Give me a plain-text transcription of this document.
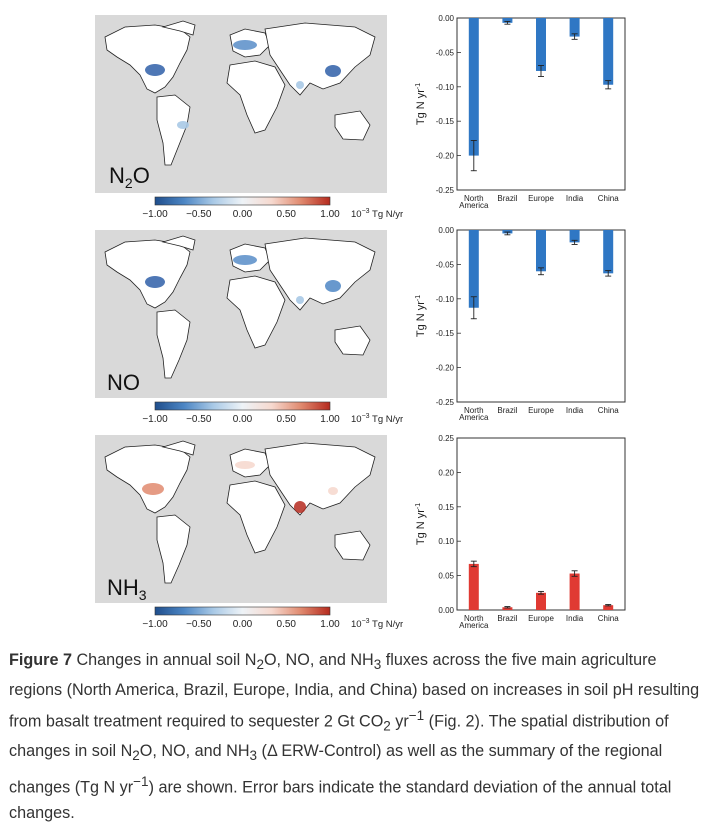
$N_2O$
−1.00 −0.50 0.00 0.50 1.00 $10^{-3}$ Tg N/yr
NO
−1.00 −0.50 0.00 0.50 1.00 $10^{-3}$ Tg N/yr
$NH_3$
−1.00 −0.50 0.00 0.50 1.00 $10^{-3}$ Tg N/yr
0.00
-0.05
-0.10
-0.15
-0.20
-0.25
Tg N $yr^{-1}$
North America
Brazil Europe India China
0.00
-0.05
-0.10
-0.15
-0.20
-0.25
Tg N $yr^{-1}$
North America
Brazil Europe India China
0.25
0.20
0.15
0.10
0.05
0.00
Tg N $yr^{-1}$
North America
Brazil Europe India China
Figure 7 Changes in annual soil $N_2O$, NO, and $NH_3$ fluxes across the five main agriculture regions (North America, Brazil, Europe, India, and China) based on increases in soil pH resulting from basalt treatment required to sequester 2 Gt $CO_2$ $yr^{-1}$ (Fig. 2). The spatial distribution of changes in soil $N_2O$, NO, and $NH_3$ (Δ ERW-Control) as well as the summary of the regional changes (Tg N $yr^{-1}$) are shown. Error bars indicate the standard deviation of the annual total changes.
